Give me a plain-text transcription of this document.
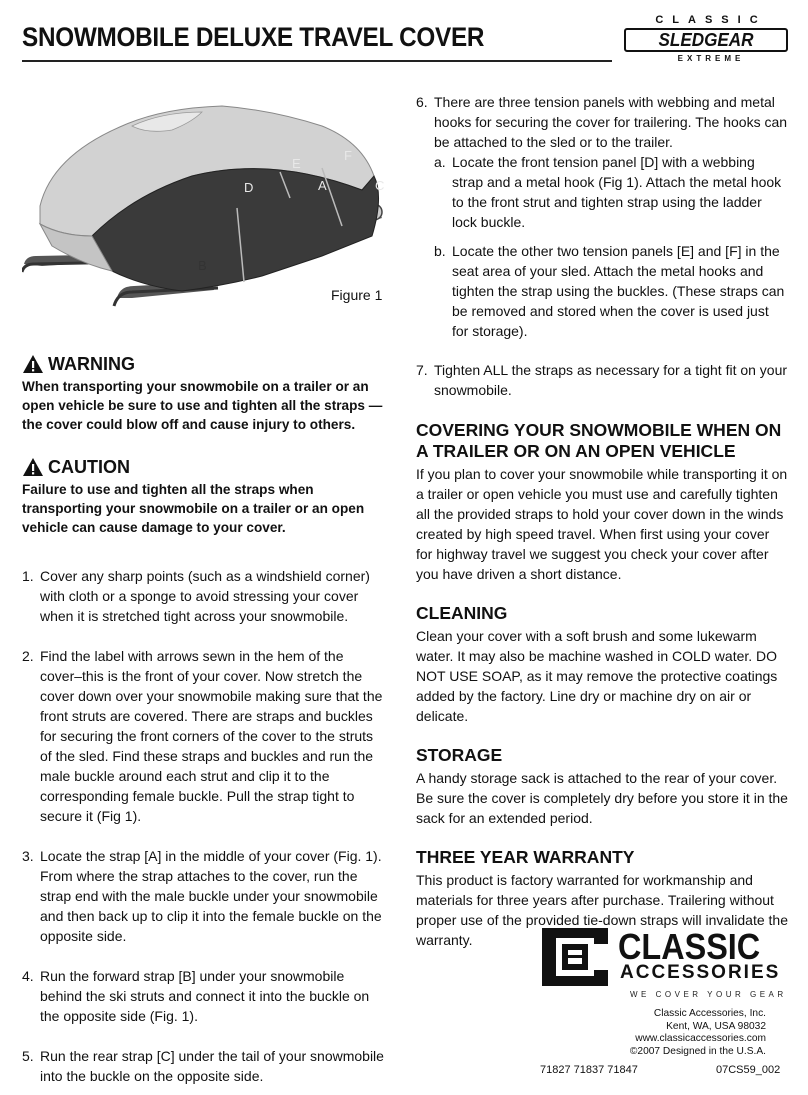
SNOWMOBILE DELUXE TRAVEL COVER
CLASSIC
SLEDGEAR
EXTREME
A
B
C
D
E
F
Figure 1
WARNING
When transporting your snowmobile on a trailer or an open vehicle be sure to use and tighten all the straps — the cover could blow off and cause injury to others.
CAUTION
Failure to use and tighten all the straps when transporting your snowmobile on a trailer or an open vehicle can cause damage to your cover.
1. Cover any sharp points (such as a windshield corner) with cloth or a sponge to avoid stressing your cover when it is stretched tight across your snowmobile.
2. Find the label with arrows sewn in the hem of the cover–this is the front of your cover. Now stretch the cover down over your snowmobile making sure that the front struts are covered. There are straps and buckles for securing the front corners of the cover to the struts of the sled. Find these straps and buckles and run the male buckle around each strut and clip it to the corresponding female buckle. Pull the strap tight to secure it (Fig 1).
3. Locate the strap [A] in the middle of your cover (Fig. 1). From where the strap attaches to the cover, run the strap end with the male buckle under your snowmobile and then back up to clip it into the female buckle on the opposite side.
4. Run the forward strap [B] under your snowmobile behind the ski struts and connect it into the buckle on the opposite side (Fig. 1).
5. Run the rear strap [C] under the tail of your snowmobile into the buckle on the opposite side.
6. There are three tension panels with webbing and metal hooks for securing the cover for trailering. The hooks can be attached to the sled or to the trailer.
a. Locate the front tension panel [D] with a webbing strap and a metal hook (Fig 1). Attach the metal hook to the front strut and tighten strap using the ladder lock buckle.
b. Locate the other two tension panels [E] and [F] in the seat area of your sled. Attach the metal hooks and tighten the strap using the buckles. (These straps can be removed and stored when the cover is used just for storage).
7. Tighten ALL the straps as necessary for a tight fit on your snowmobile.
COVERING YOUR SNOWMOBILE WHEN ON A TRAILER OR ON AN OPEN VEHICLE
If you plan to cover your snowmobile while transporting it on a trailer or open vehicle you must use and carefully tighten all the provided straps to hold your cover down in the winds created by high speed travel. When first using your cover for highway travel we suggest you check your cover after you have driven a short distance.
CLEANING
Clean your cover with a soft brush and some lukewarm water. It may also be machine washed in COLD water. DO NOT USE SOAP, as it may remove the protective coatings added by the factory. Line dry or machine dry on air or delicate.
STORAGE
A handy storage sack is attached to the rear of your cover. Be sure the cover is completely dry before you store it in the sack for an extended period.
THREE YEAR WARRANTY
This product is factory warranted for workmanship and materials for three years after purchase. Trailering without proper use of the provided tie-down straps will invalidate the warranty.	CLASSIC
ACCESSORIES
WE COVER YOUR GEAR
Classic Accessories, Inc.
Kent, WA, USA 98032
www.classicaccessories.com
©2007 Designed in the U.S.A.
71827 71837 71847	07CS59_002
